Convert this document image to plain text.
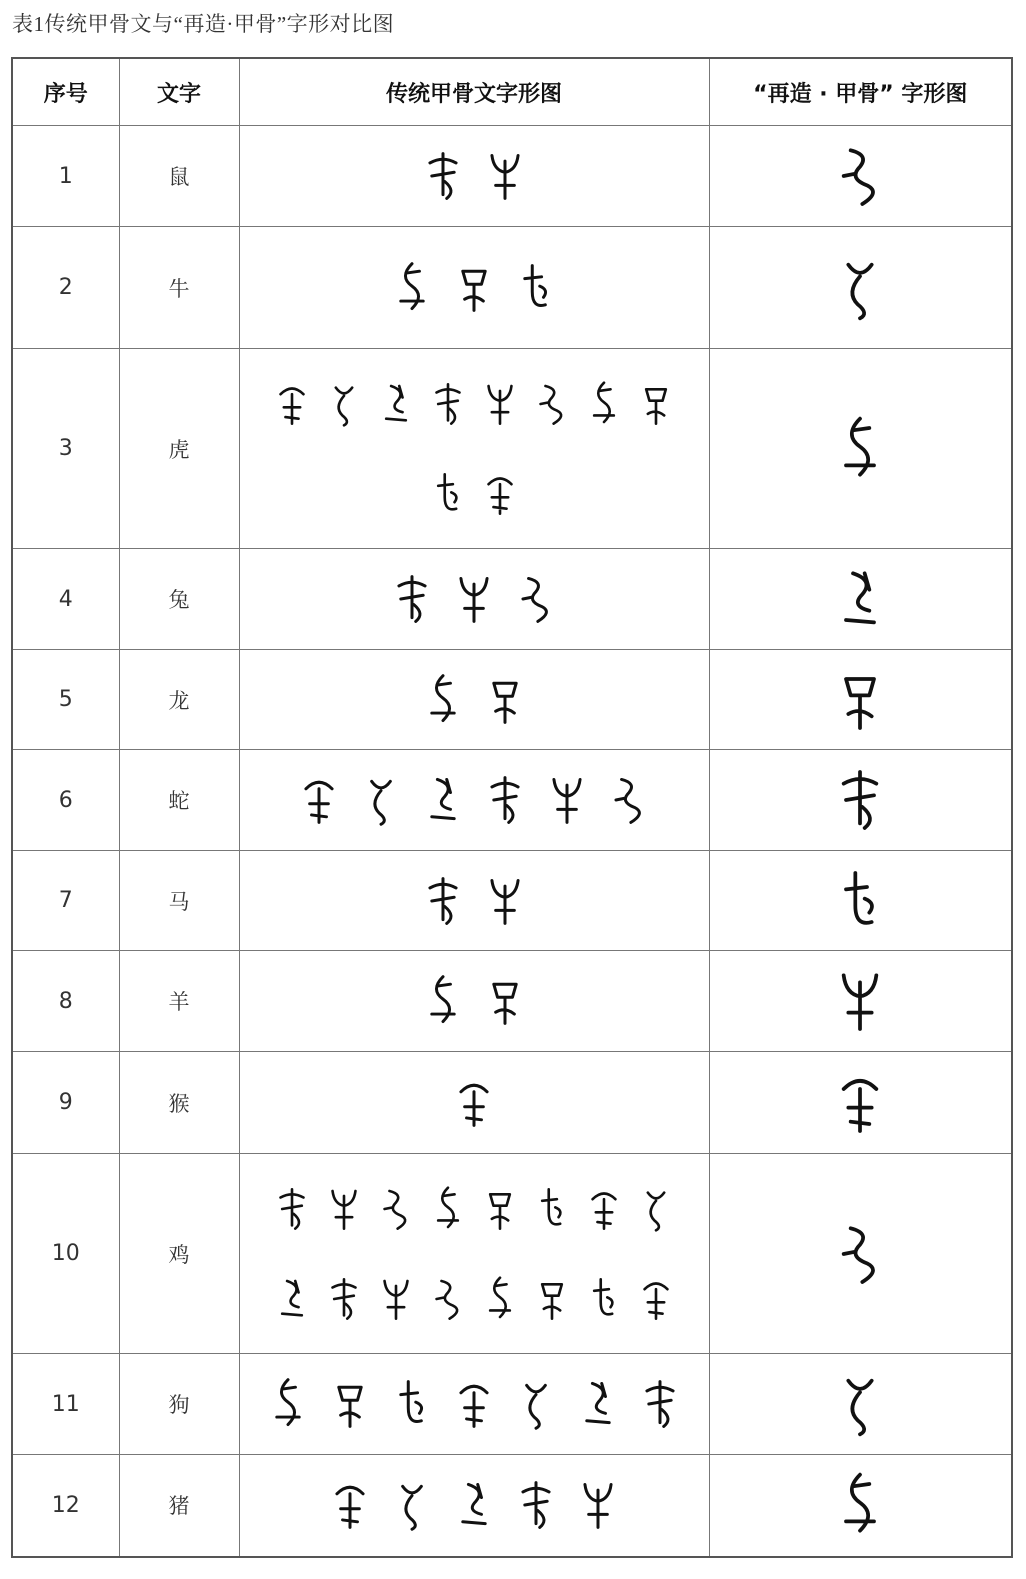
表1传统甲骨文与“再造·甲骨”字形对比图
序号	文字	传统甲骨文字形图	“再造 · 甲骨” 字形图
1	鼠	

2	牛	

3	虎	

4	兔	

5	龙	

6	蛇	

7	马	

8	羊	

9	猴	

10	鸡	

11	狗	

12	猪	
